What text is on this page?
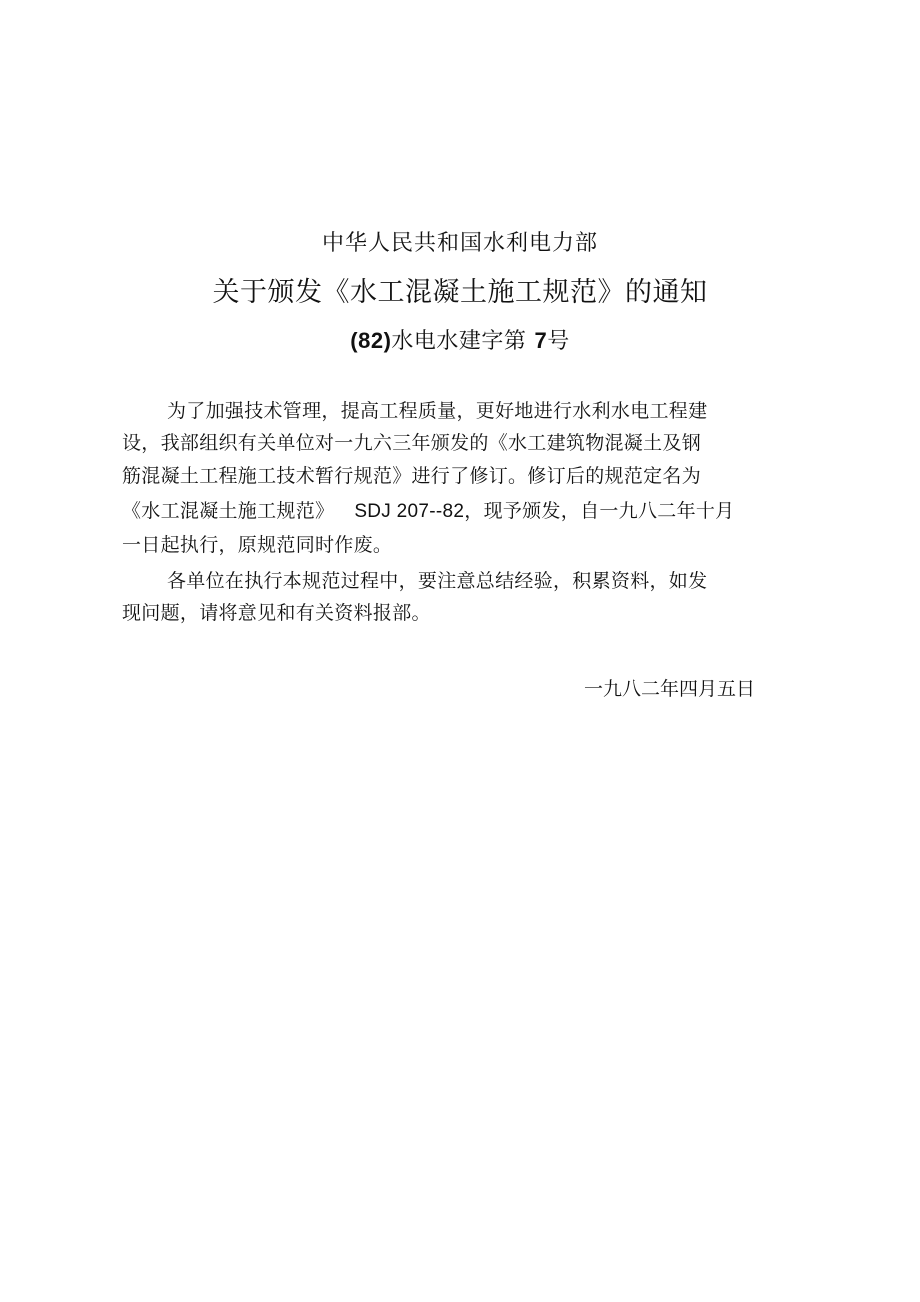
中华人民共和国水利电力部
关于颁发《水工混凝土施工规范》的通知
(82)水电水建字第 7号
为了加强技术管理，提高工程质量，更好地进行水利水电工程建
设，我部组织有关单位对一九六三年颁发的《水工建筑物混凝土及钢
筋混凝土工程施工技术暂行规范》进行了修订。修订后的规范定名为
《水工混凝土施工规范》 SDJ 207--82，现予颁发，自一九八二年十月
一日起执行，原规范同时作废。
各单位在执行本规范过程中，要注意总结经验，积累资料，如发
现问题，请将意见和有关资料报部。
一九八二年四月五日
